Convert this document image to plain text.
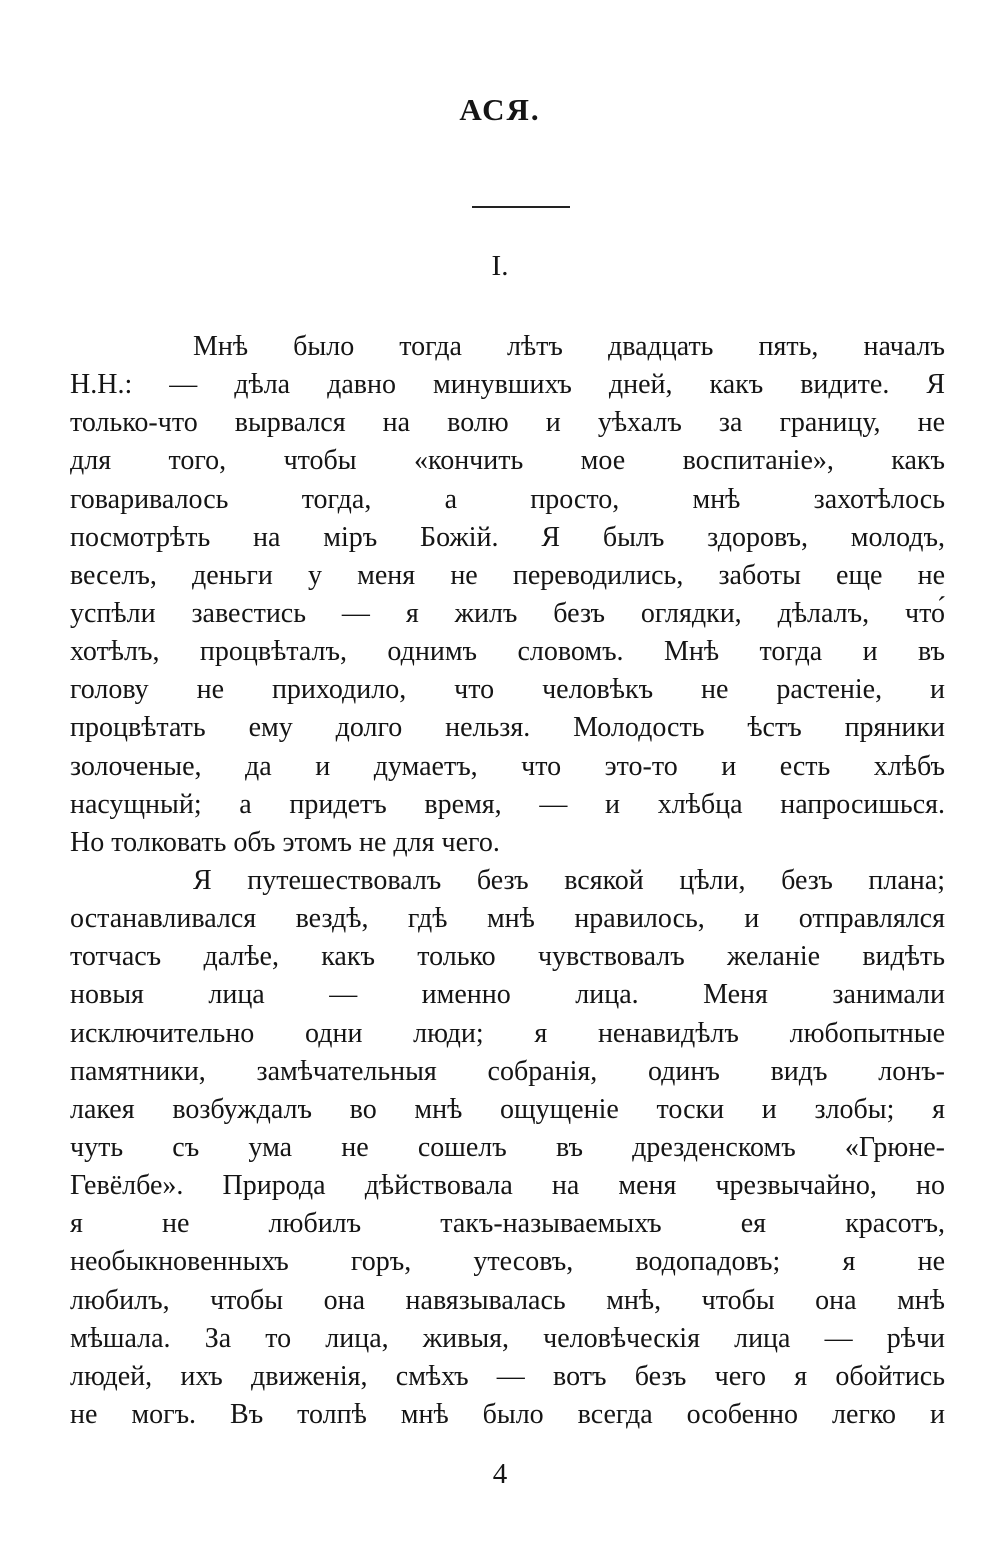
АСЯ.
I.
Мнѣ было тогда лѣтъ двадцать пять, началъ
Н.Н.: — дѣла давно минувшихъ дней, какъ видите. Я
только-что вырвался на волю и уѣхалъ за границу, не
для того, чтобы «кончить мое воспитаніе», какъ
говаривалось тогда, а просто, мнѣ захотѣлось
посмотрѣть на міръ Божій. Я былъ здоровъ, молодъ,
веселъ, деньги у меня не переводились, заботы еще не
успѣли завестись — я жилъ безъ оглядки, дѣлалъ, что́
хотѣлъ, процвѣталъ, однимъ словомъ. Мнѣ тогда и въ
голову не приходило, что человѣкъ не растеніе, и
процвѣтать ему долго нельзя. Молодость ѣстъ пряники
золоченые, да и думаетъ, что это-то и есть хлѣбъ
насущный; а придетъ время, — и хлѣбца напросишься.
Но толковать объ этомъ не для чего.
Я путешествовалъ безъ всякой цѣли, безъ плана;
останавливался вездѣ, гдѣ мнѣ нравилось, и отправлялся
тотчасъ далѣе, какъ только чувствовалъ желаніе видѣть
новыя лица — именно лица. Меня занимали
исключительно одни люди; я ненавидѣлъ любопытные
памятники, замѣчательныя собранія, одинъ видъ лонъ-
лакея возбуждалъ во мнѣ ощущеніе тоски и злобы; я
чуть съ ума не сошелъ въ дрезденскомъ «Грюне-
Гевёлбе». Природа дѣйствовала на меня чрезвычайно, но
я не любилъ такъ-называемыхъ ея красотъ,
необыкновенныхъ горъ, утесовъ, водопадовъ; я не
любилъ, чтобы она навязывалась мнѣ, чтобы она мнѣ
мѣшала. За то лица, живыя, человѣческія лица — рѣчи
людей, ихъ движенія, смѣхъ — вотъ безъ чего я обойтись
не могъ. Въ толпѣ мнѣ было всегда особенно легко и
4
